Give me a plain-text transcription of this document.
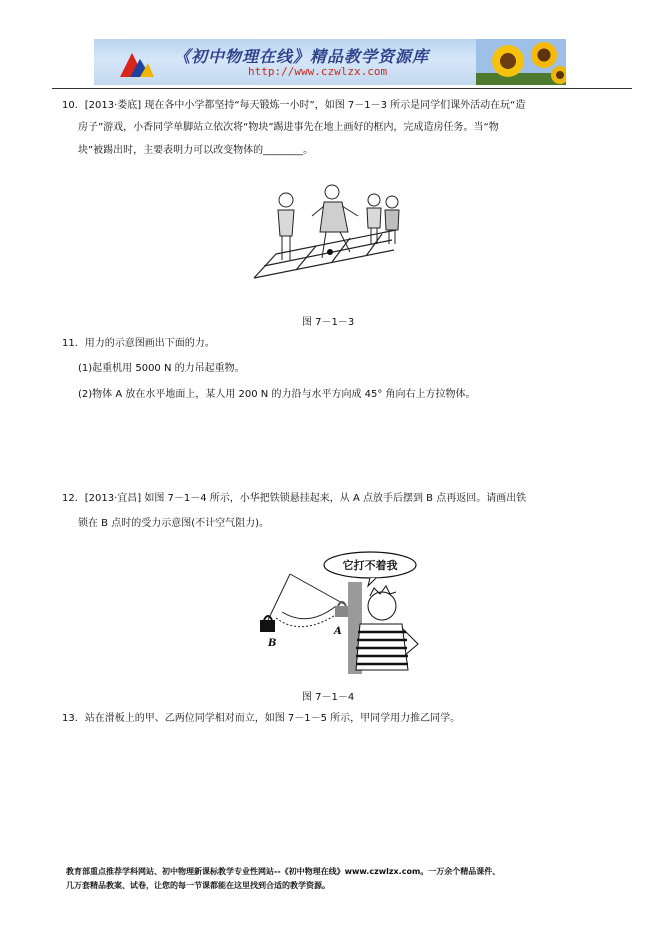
《初中物理在线》精品教学资源库
http://www.czwlzx.com
10．[2013·娄底] 现在各中小学都坚持“每天锻炼一小时”，如图 7－1－3 所示是同学们课外活动在玩“造
房子”游戏，小香同学单脚站立依次将“物块”踢进事先在地上画好的框内，完成造房任务。当“物
块”被踢出时，主要表明力可以改变物体的________。
图 7－1－3
11．用力的示意图画出下面的力。
(1)起重机用 5000 N 的力吊起重物。
(2)物体 A 放在水平地面上，某人用 200 N 的力沿与水平方向成 45° 角向右上方拉物体。
12．[2013·宜昌] 如图 7－1－4 所示，小华把铁锁悬挂起来，从 A 点放手后摆到 B 点再返回。请画出铁
锁在 B 点时的受力示意图(不计空气阻力)。
B
A
它打不着我
图 7－1－4
13．站在滑板上的甲、乙两位同学相对而立，如图 7－1－5 所示，甲同学用力推乙同学。
教育部重点推荐学科网站、初中物理新课标教学专业性网站--《初中物理在线》www.czwlzx.com。一万余个精品课件、
几万套精品教案、试卷，让您的每一节课都能在这里找到合适的教学资源。
